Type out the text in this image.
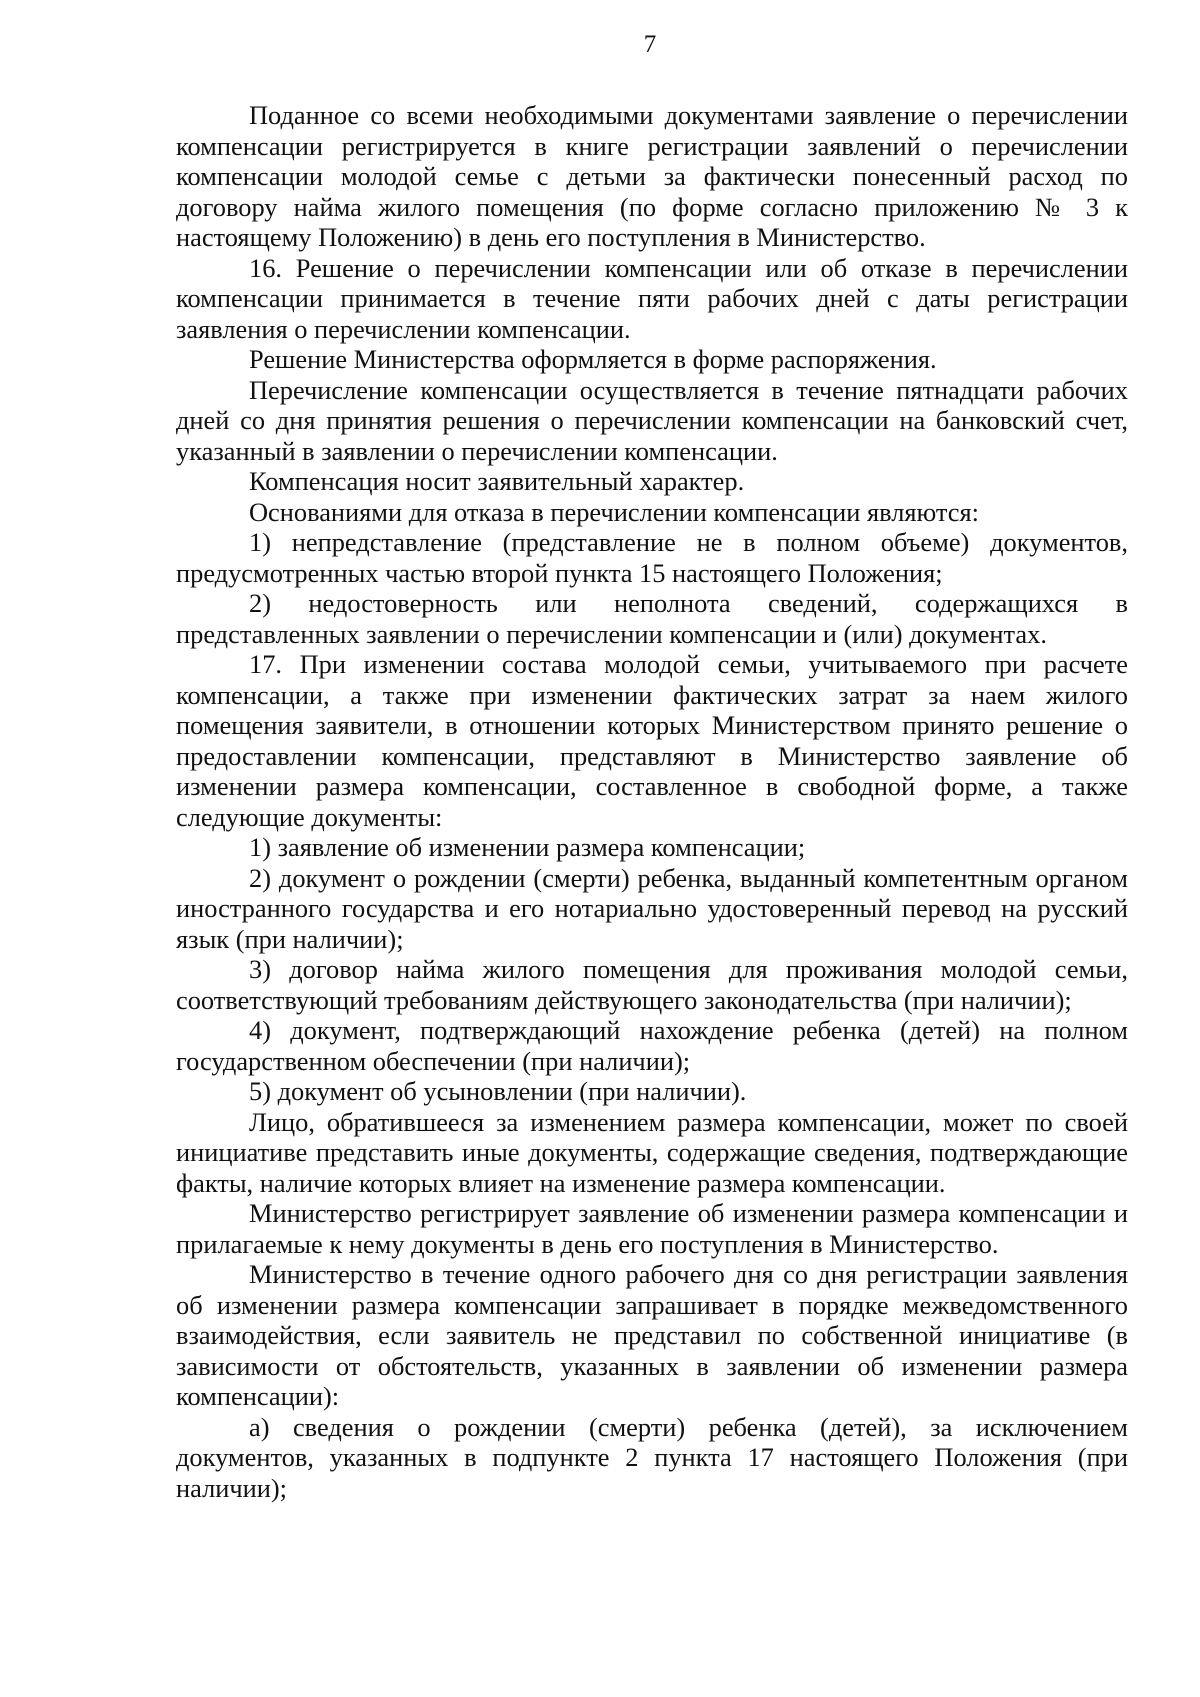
7

Поданное со всеми необходимыми документами заявление о перечислении компенсации регистрируется в книге регистрации заявлений о перечислении компенсации молодой семье с детьми за фактически понесенный расход по договору найма жилого помещения (по форме согласно приложению № 3 к настоящему Положению) в день его поступления в Министерство.

16. Решение о перечислении компенсации или об отказе в перечислении компенсации принимается в течение пяти рабочих дней с даты регистрации заявления о перечислении компенсации.

Решение Министерства оформляется в форме распоряжения.

Перечисление компенсации осуществляется в течение пятнадцати рабочих дней со дня принятия решения о перечислении компенсации на банковский счет, указанный в заявлении о перечислении компенсации.

Компенсация носит заявительный характер.

Основаниями для отказа в перечислении компенсации являются:

1) непредставление (представление не в полном объеме) документов, предусмотренных частью второй пункта 15 настоящего Положения;

2) недостоверность или неполнота сведений, содержащихся в представленных заявлении о перечислении компенсации и (или) документах.

17. При изменении состава молодой семьи, учитываемого при расчете компенсации, а также при изменении фактических затрат за наем жилого помещения заявители, в отношении которых Министерством принято решение о предоставлении компенсации, представляют в Министерство заявление об изменении размера компенсации, составленное в свободной форме, а также следующие документы:

1) заявление об изменении размера компенсации;

2) документ о рождении (смерти) ребенка, выданный компетентным органом иностранного государства и его нотариально удостоверенный перевод на русский язык (при наличии);

3) договор найма жилого помещения для проживания молодой семьи, соответствующий требованиям действующего законодательства (при наличии);

4) документ, подтверждающий нахождение ребенка (детей) на полном государственном обеспечении (при наличии);

5) документ об усыновлении (при наличии).

Лицо, обратившееся за изменением размера компенсации, может по своей инициативе представить иные документы, содержащие сведения, подтверждающие факты, наличие которых влияет на изменение размера компенсации.

Министерство регистрирует заявление об изменении размера компенсации и прилагаемые к нему документы в день его поступления в Министерство.

Министерство в течение одного рабочего дня со дня регистрации заявления об изменении размера компенсации запрашивает в порядке межведомственного взаимодействия, если заявитель не представил по собственной инициативе (в зависимости от обстоятельств, указанных в заявлении об изменении размера компенсации):

а) сведения о рождении (смерти) ребенка (детей), за исключением документов, указанных в подпункте 2 пункта 17 настоящего Положения (при наличии);
